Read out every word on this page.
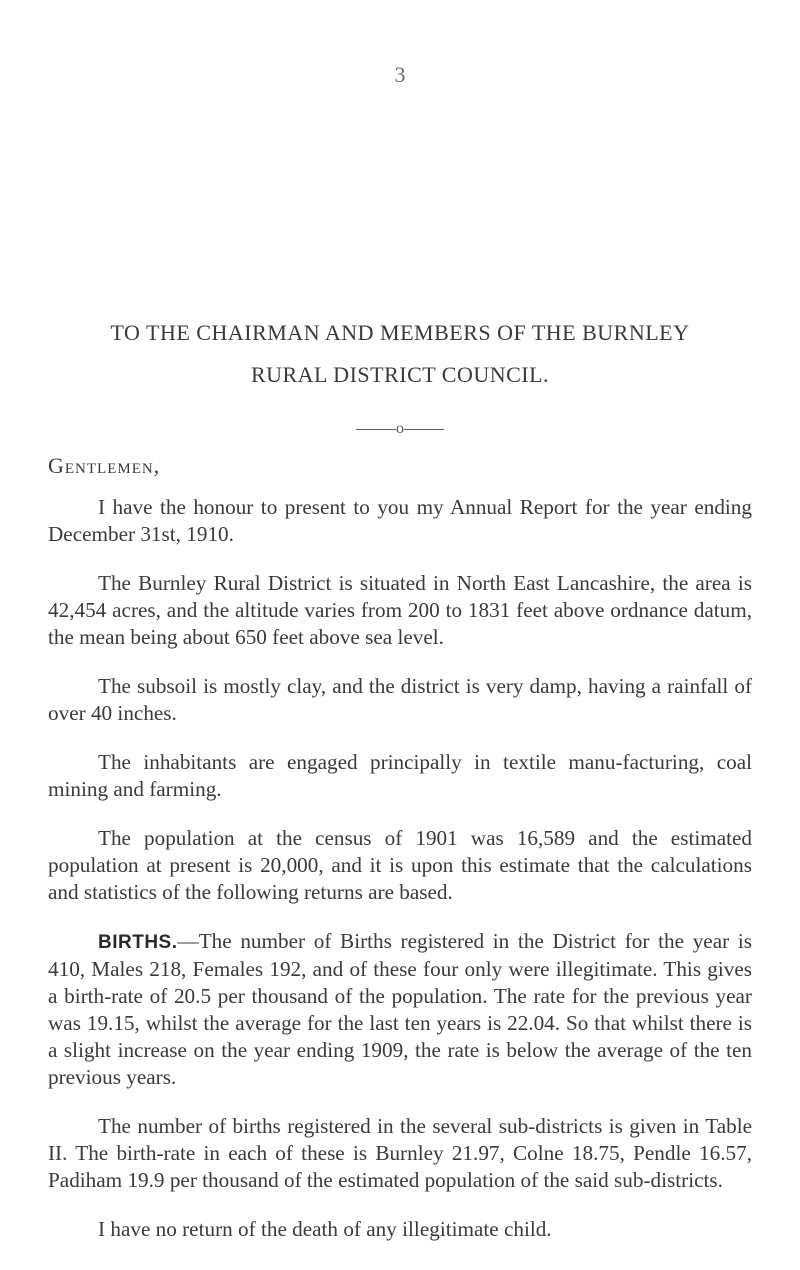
3
TO THE CHAIRMAN AND MEMBERS OF THE BURNLEY
RURAL DISTRICT COUNCIL.
o
Gentlemen,

I have the honour to present to you my Annual Report for the year ending December 31st, 1910.

The Burnley Rural District is situated in North East Lancashire, the area is 42,454 acres, and the altitude varies from 200 to 1831 feet above ordnance datum, the mean being about 650 feet above sea level.

The subsoil is mostly clay, and the district is very damp, having a rainfall of over 40 inches.

The inhabitants are engaged principally in textile manu-facturing, coal mining and farming.

The population at the census of 1901 was 16,589 and the estimated population at present is 20,000, and it is upon this estimate that the calculations and statistics of the following returns are based.

BIRTHS.—The number of Births registered in the District for the year is 410, Males 218, Females 192, and of these four only were illegitimate. This gives a birth-rate of 20.5 per thousand of the population. The rate for the previous year was 19.15, whilst the average for the last ten years is 22.04. So that whilst there is a slight increase on the year ending 1909, the rate is below the average of the ten previous years.

The number of births registered in the several sub-districts is given in Table II. The birth-rate in each of these is Burnley 21.97, Colne 18.75, Pendle 16.57, Padiham 19.9 per thousand of the estimated population of the said sub-districts.

I have no return of the death of any illegitimate child.
